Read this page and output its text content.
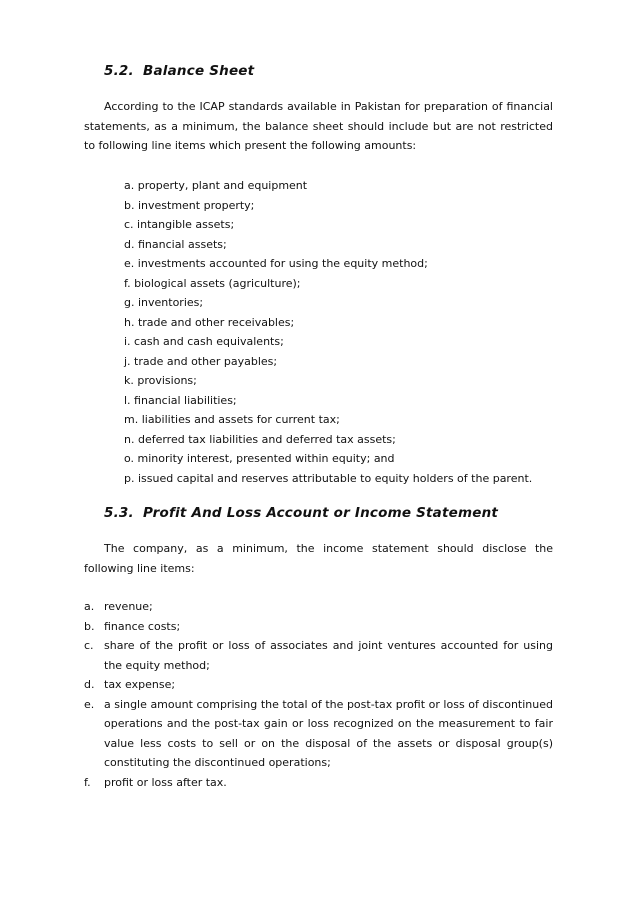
5.2. Balance Sheet
According to the ICAP standards available in Pakistan for preparation of financial statements, as a minimum, the balance sheet should include but are not restricted to following line items which present the following amounts:
a. property, plant and equipment
b. investment property;
c. intangible assets;
d. financial assets;
e. investments accounted for using the equity method;
f. biological assets (agriculture);
g. inventories;
h. trade and other receivables;
i. cash and cash equivalents;
j. trade and other payables;
k. provisions;
l. financial liabilities;
m. liabilities and assets for current tax;
n. deferred tax liabilities and deferred tax assets;
o. minority interest, presented within equity; and
p. issued capital and reserves attributable to equity holders of the parent.
5.3. Profit And Loss Account or Income Statement
The company, as a minimum, the income statement should disclose the following line items:
a. revenue;
b. finance costs;
c. share of the profit or loss of associates and joint ventures accounted for using the equity method;
d. tax expense;
e. a single amount comprising the total of the post-tax profit or loss of discontinued operations and the post-tax gain or loss recognized on the measurement to fair value less costs to sell or on the disposal of the assets or disposal group(s) constituting the discontinued operations;
f. profit or loss after tax.
